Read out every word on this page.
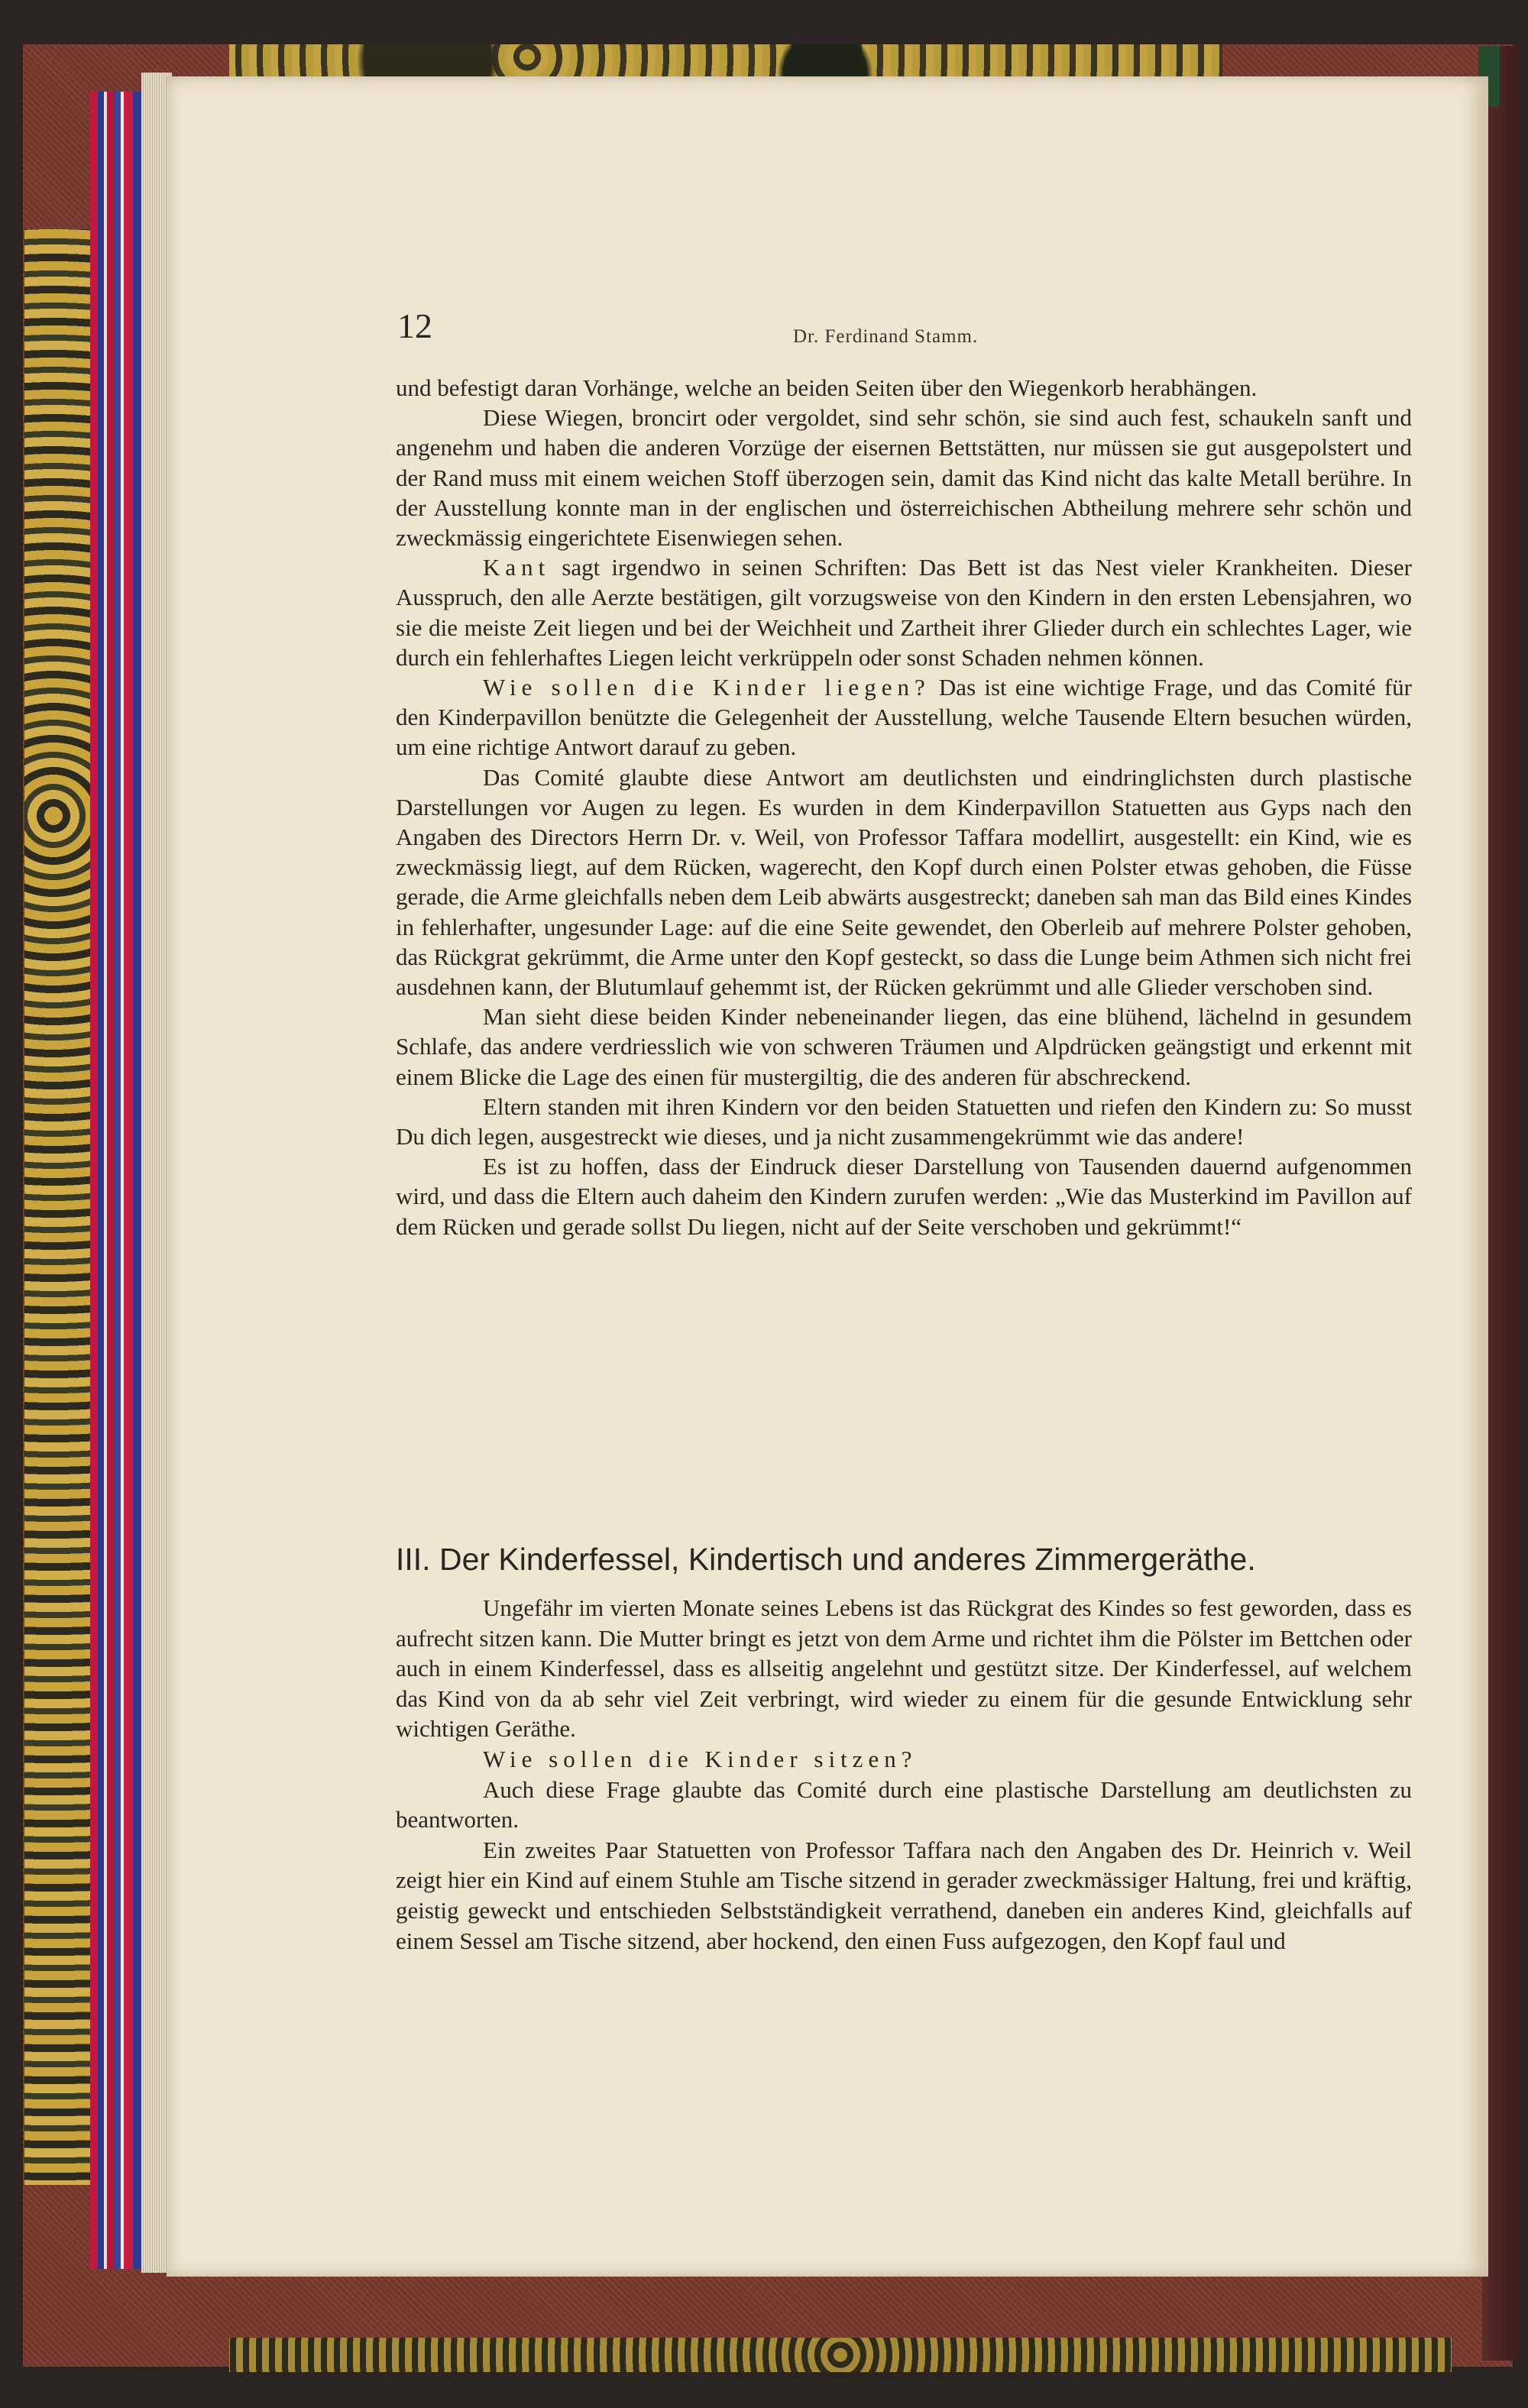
12	Dr. Ferdinand Stamm.

und befestigt daran Vorhänge, welche an beiden Seiten über den Wiegenkorb herabhängen.

Diese Wiegen, broncirt oder vergoldet, sind sehr schön, sie sind auch fest, schaukeln sanft und angenehm und haben die anderen Vorzüge der eisernen Bettstätten, nur müssen sie gut ausgepolstert und der Rand muss mit einem weichen Stoff überzogen sein, damit das Kind nicht das kalte Metall berühre. In der Ausstellung konnte man in der englischen und österreichischen Abtheilung mehrere sehr schön und zweckmässig eingerichtete Eisenwiegen sehen.

Kant sagt irgendwo in seinen Schriften: Das Bett ist das Nest vieler Krankheiten. Dieser Ausspruch, den alle Aerzte bestätigen, gilt vorzugsweise von den Kindern in den ersten Lebensjahren, wo sie die meiste Zeit liegen und bei der Weichheit und Zartheit ihrer Glieder durch ein schlechtes Lager, wie durch ein fehlerhaftes Liegen leicht verkrüppeln oder sonst Schaden nehmen können.

Wie sollen die Kinder liegen? Das ist eine wichtige Frage, und das Comité für den Kinderpavillon benützte die Gelegenheit der Ausstellung, welche Tausende Eltern besuchen würden, um eine richtige Antwort darauf zu geben.

Das Comité glaubte diese Antwort am deutlichsten und eindringlichsten durch plastische Darstellungen vor Augen zu legen. Es wurden in dem Kinderpavillon Statuetten aus Gyps nach den Angaben des Directors Herrn Dr. v. Weil, von Professor Taffara modellirt, ausgestellt: ein Kind, wie es zweckmässig liegt, auf dem Rücken, wagerecht, den Kopf durch einen Polster etwas gehoben, die Füsse gerade, die Arme gleichfalls neben dem Leib abwärts ausgestreckt; daneben sah man das Bild eines Kindes in fehlerhafter, ungesunder Lage: auf die eine Seite gewendet, den Oberleib auf mehrere Polster gehoben, das Rückgrat gekrümmt, die Arme unter den Kopf gesteckt, so dass die Lunge beim Athmen sich nicht frei ausdehnen kann, der Blutumlauf gehemmt ist, der Rücken gekrümmt und alle Glieder verschoben sind.

Man sieht diese beiden Kinder nebeneinander liegen, das eine blühend, lächelnd in gesundem Schlafe, das andere verdriesslich wie von schweren Träumen und Alpdrücken geängstigt und erkennt mit einem Blicke die Lage des einen für mustergiltig, die des anderen für abschreckend.

Eltern standen mit ihren Kindern vor den beiden Statuetten und riefen den Kindern zu: So musst Du dich legen, ausgestreckt wie dieses, und ja nicht zusammengekrümmt wie das andere!

Es ist zu hoffen, dass der Eindruck dieser Darstellung von Tausenden dauernd aufgenommen wird, und dass die Eltern auch daheim den Kindern zurufen werden: „Wie das Musterkind im Pavillon auf dem Rücken und gerade sollst Du liegen, nicht auf der Seite verschoben und gekrümmt!“

III. Der Kinderfessel, Kindertisch und anderes Zimmergeräthe.

Ungefähr im vierten Monate seines Lebens ist das Rückgrat des Kindes so fest geworden, dass es aufrecht sitzen kann. Die Mutter bringt es jetzt von dem Arme und richtet ihm die Pölster im Bettchen oder auch in einem Kinderfessel, dass es allseitig angelehnt und gestützt sitze. Der Kinderfessel, auf welchem das Kind von da ab sehr viel Zeit verbringt, wird wieder zu einem für die gesunde Entwicklung sehr wichtigen Geräthe.

Wie sollen die Kinder sitzen?

Auch diese Frage glaubte das Comité durch eine plastische Darstellung am deutlichsten zu beantworten.

Ein zweites Paar Statuetten von Professor Taffara nach den Angaben des Dr. Heinrich v. Weil zeigt hier ein Kind auf einem Stuhle am Tische sitzend in gerader zweckmässiger Haltung, frei und kräftig, geistig geweckt und entschieden Selbstständigkeit verrathend, daneben ein anderes Kind, gleichfalls auf einem Sessel am Tische sitzend, aber hockend, den einen Fuss aufgezogen, den Kopf faul und
